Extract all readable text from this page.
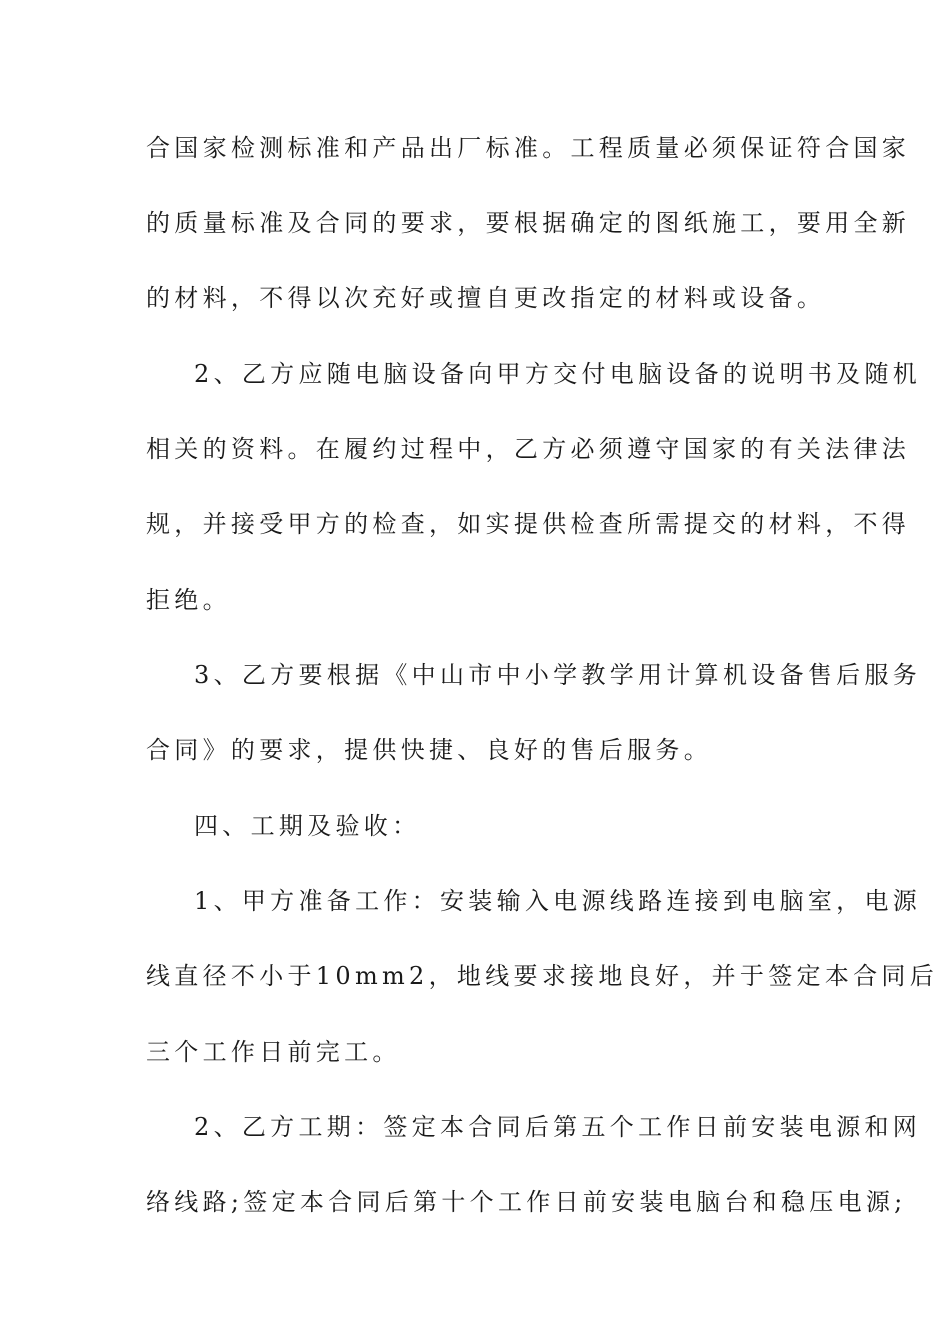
合国家检测标准和产品出厂标准。工程质量必须保证符合国家
的质量标准及合同的要求，要根据确定的图纸施工，要用全新
的材料，不得以次充好或擅自更改指定的材料或设备。
2、乙方应随电脑设备向甲方交付电脑设备的说明书及随机
相关的资料。在履约过程中，乙方必须遵守国家的有关法律法
规，并接受甲方的检查，如实提供检查所需提交的材料，不得
拒绝。
3、乙方要根据《中山市中小学教学用计算机设备售后服务
合同》的要求，提供快捷、良好的售后服务。
四、工期及验收：
1、甲方准备工作：安装输入电源线路连接到电脑室，电源
线直径不小于10mm2，地线要求接地良好，并于签定本合同后
三个工作日前完工。
2、乙方工期：签定本合同后第五个工作日前安装电源和网
络线路;签定本合同后第十个工作日前安装电脑台和稳压电源;
